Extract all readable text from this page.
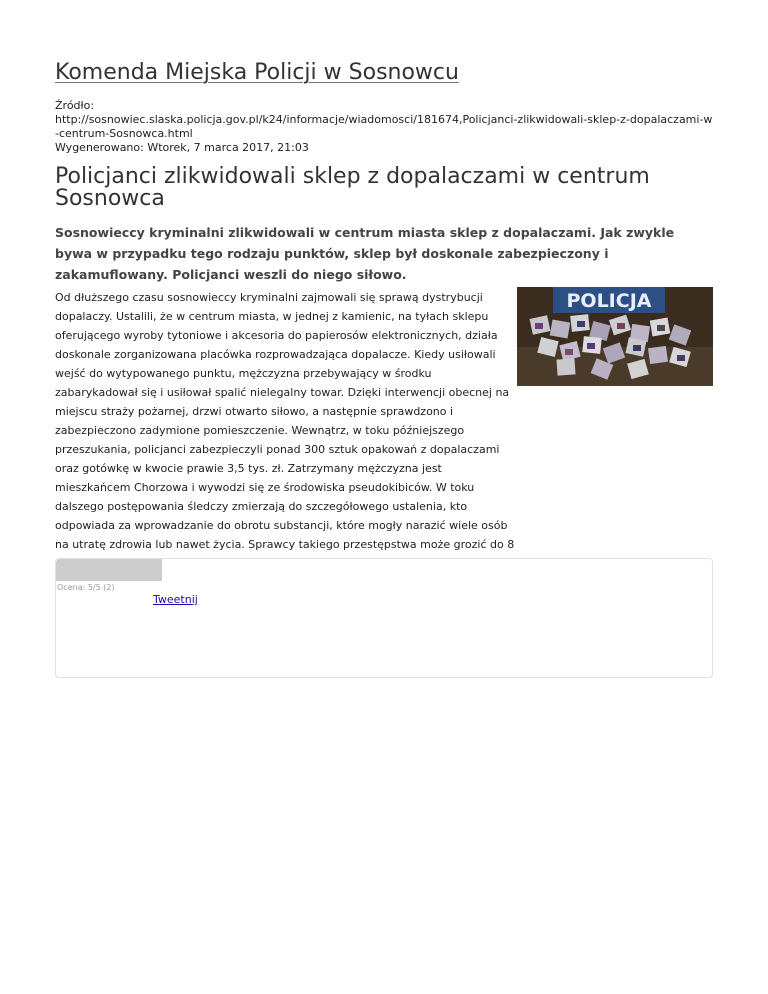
Komenda Miejska Policji w Sosnowcu
Źródło:
http://sosnowiec.slaska.policja.gov.pl/k24/informacje/wiadomosci/181674,Policjanci-zlikwidowali-sklep-z-dopalaczami-w-centrum-Sosnowca.html
Wygenerowano: Wtorek, 7 marca 2017, 21:03
Policjanci zlikwidowali sklep z dopalaczami w centrum Sosnowca

Sosnowieccy kryminalni zlikwidowali w centrum miasta sklep z dopalaczami. Jak zwykle bywa w przypadku tego rodzaju punktów, sklep był doskonale zabezpieczony i zakamuflowany. Policjanci weszli do niego siłowo.

Od dłuższego czasu sosnowieccy kryminalni zajmowali się sprawą dystrybucji dopalaczy. Ustalili, że w centrum miasta, w jednej z kamienic, na tyłach sklepu oferującego wyroby tytoniowe i akcesoria do papierosów elektronicznych, działa doskonale zorganizowana placówka rozprowadzająca dopalacze. Kiedy usiłowali wejść do wytypowanego punktu, mężczyzna przebywający w środku zabarykadował się i usiłował spalić nielegalny towar. Dzięki interwencji obecnej na miejscu straży pożarnej, drzwi otwarto siłowo, a następnie sprawdzono i zabezpieczono zadymione pomieszczenie. Wewnątrz, w toku późniejszego przeszukania, policjanci zabezpieczyli ponad 300 sztuk opakowań z dopalaczami oraz gotówkę w kwocie prawie 3,5 tys. zł. Zatrzymany mężczyzna jest mieszkańcem Chorzowa i wywodzi się ze środowiska pseudokibiców. W toku dalszego postępowania śledczy zmierzają do szczegółowego ustalenia, kto odpowiada za wprowadzanie do obrotu substancji, które mogły narazić wiele osób na utratę zdrowia lub nawet życia. Sprawcy takiego przestępstwa może grozić do 8

POLICJA
Ocena: 5/5 (2)
Tweetnij
